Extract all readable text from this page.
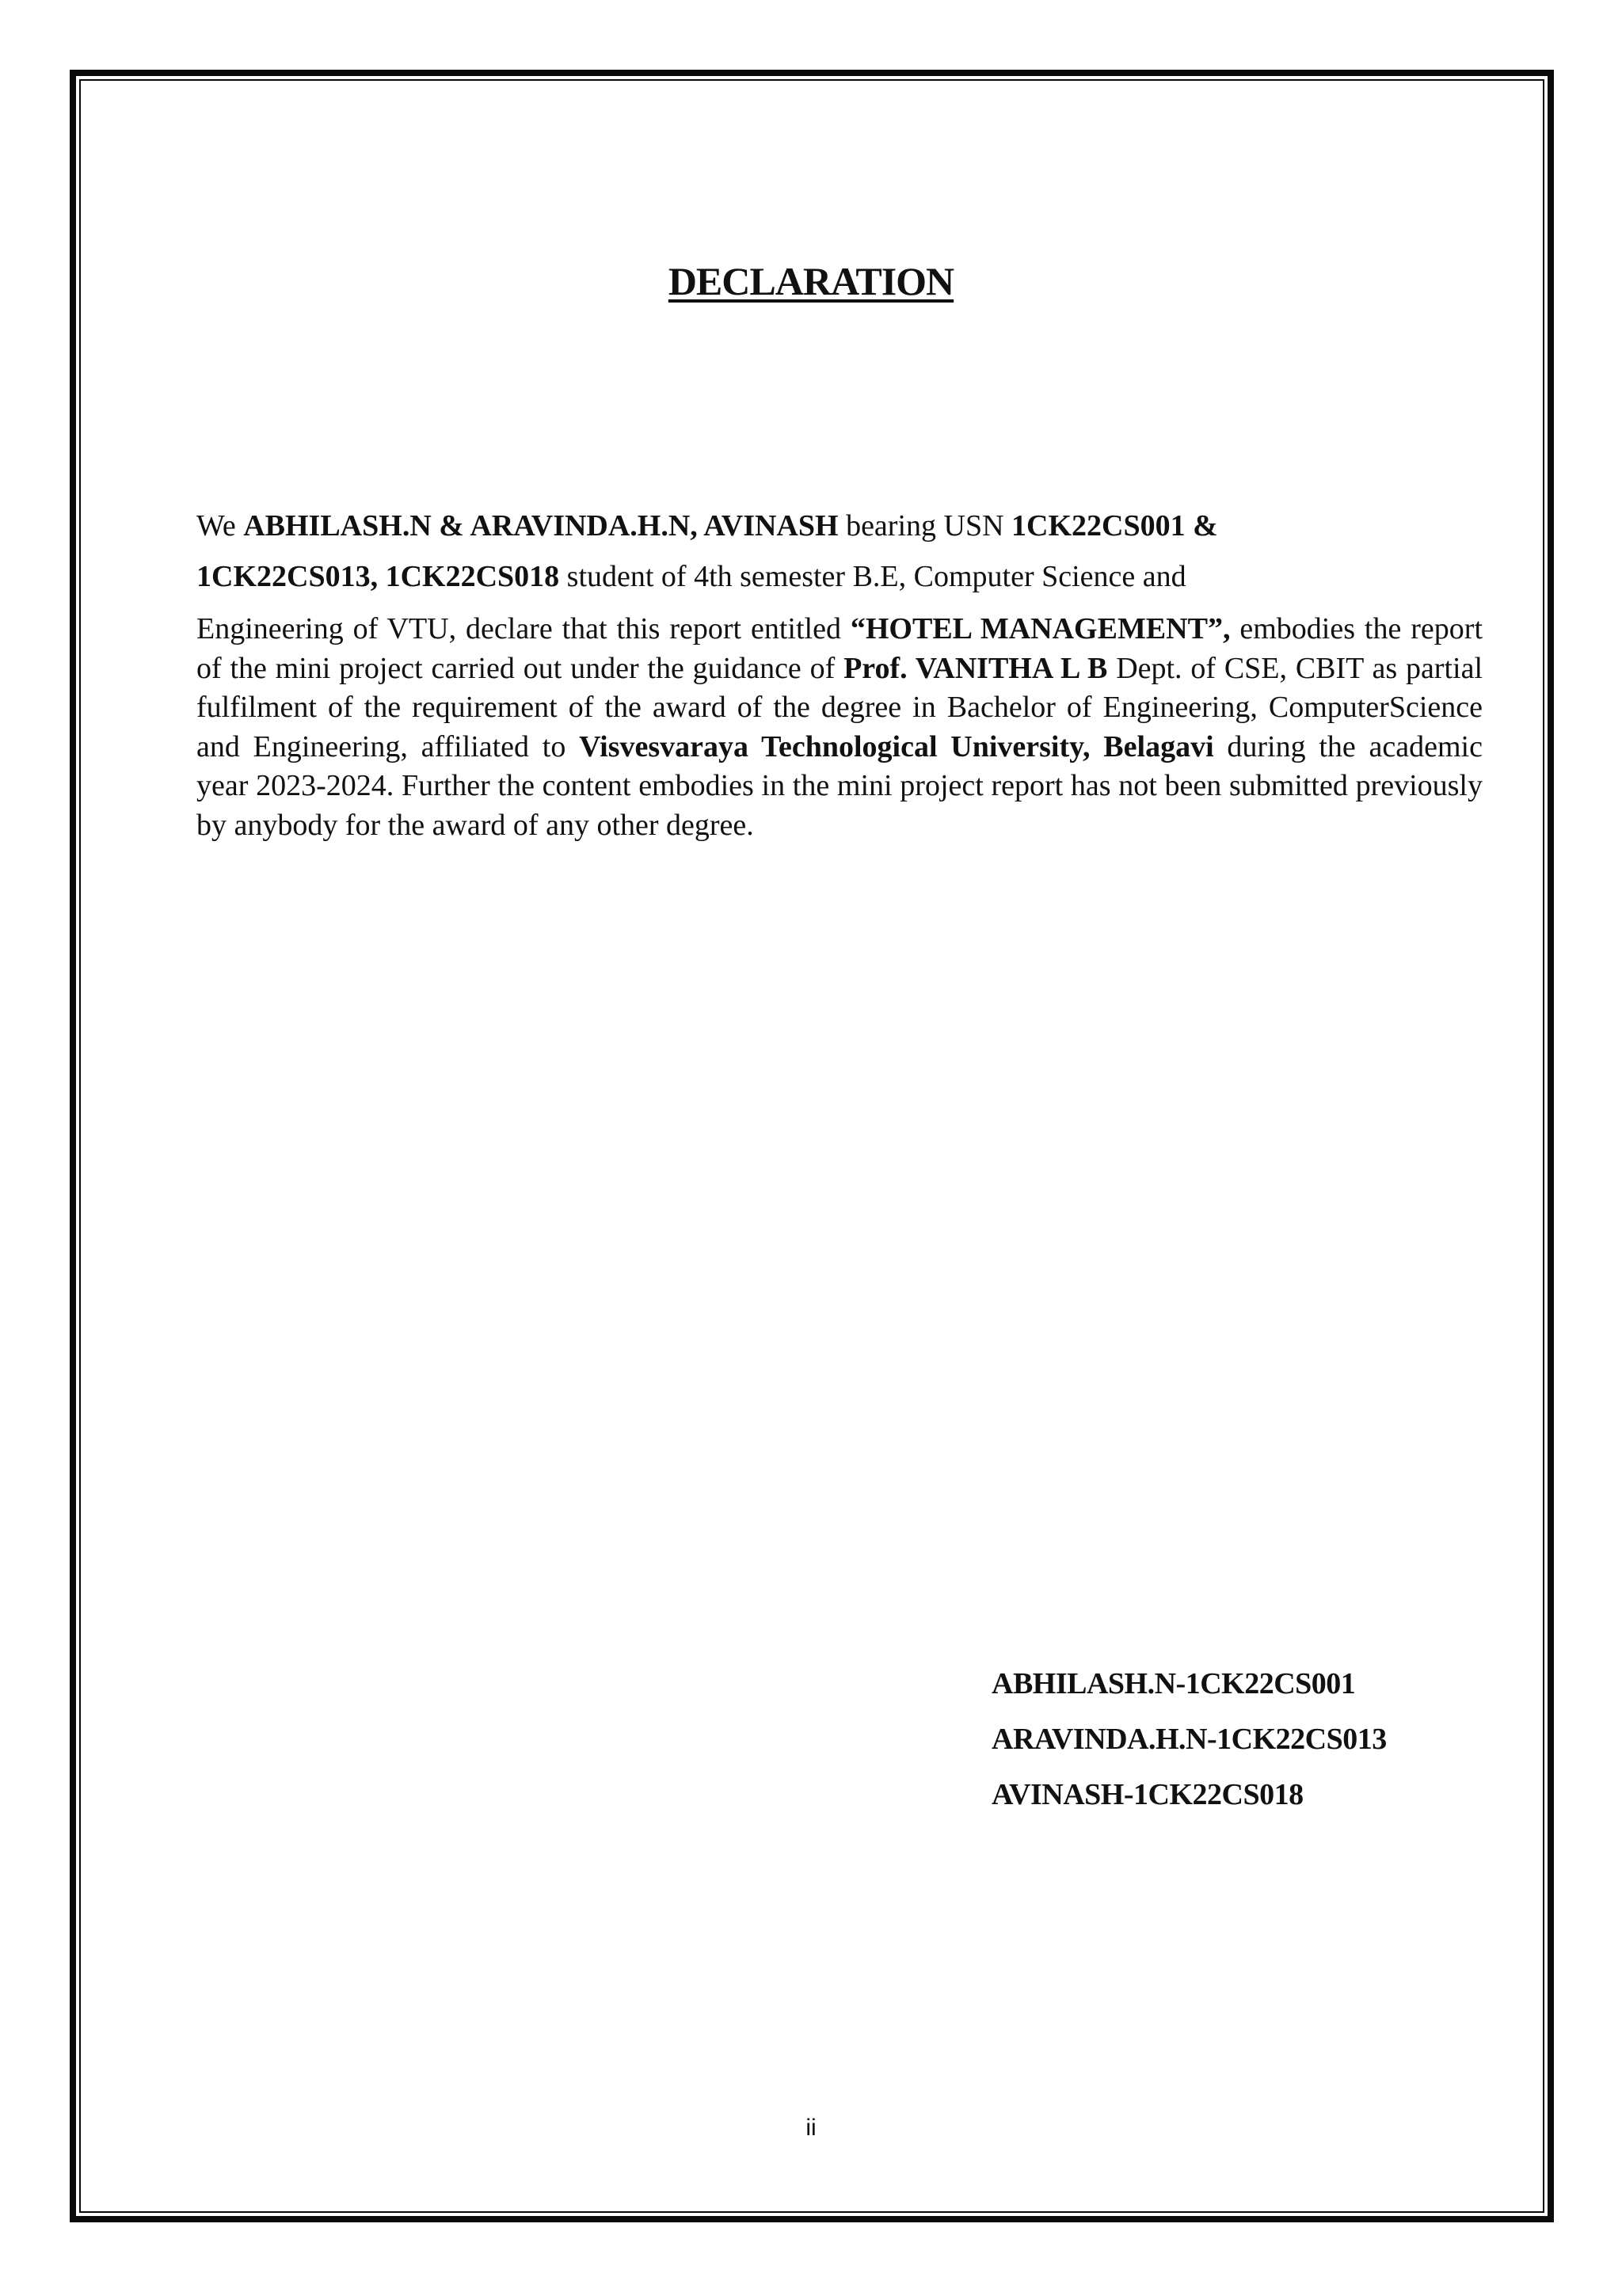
DECLARATION
We ABHILASH.N & ARAVINDA.H.N, AVINASH bearing USN 1CK22CS001 &
1CK22CS013, 1CK22CS018 student of 4th semester B.E, Computer Science and
Engineering of VTU, declare that this report entitled “HOTEL MANAGEMENT”, embodies the report of the mini project carried out under the guidance of Prof. VANITHA L B Dept. of CSE, CBIT as partial fulfilment of the requirement of the award of the degree in Bachelor of Engineering, ComputerScience and Engineering, affiliated to Visvesvaraya Technological University, Belagavi during the academic year 2023-2024. Further the content embodies in the mini project report has not been submitted previously by anybody for the award of any other degree.
ABHILASH.N-1CK22CS001
ARAVINDA.H.N-1CK22CS013
AVINASH-1CK22CS018
ii
